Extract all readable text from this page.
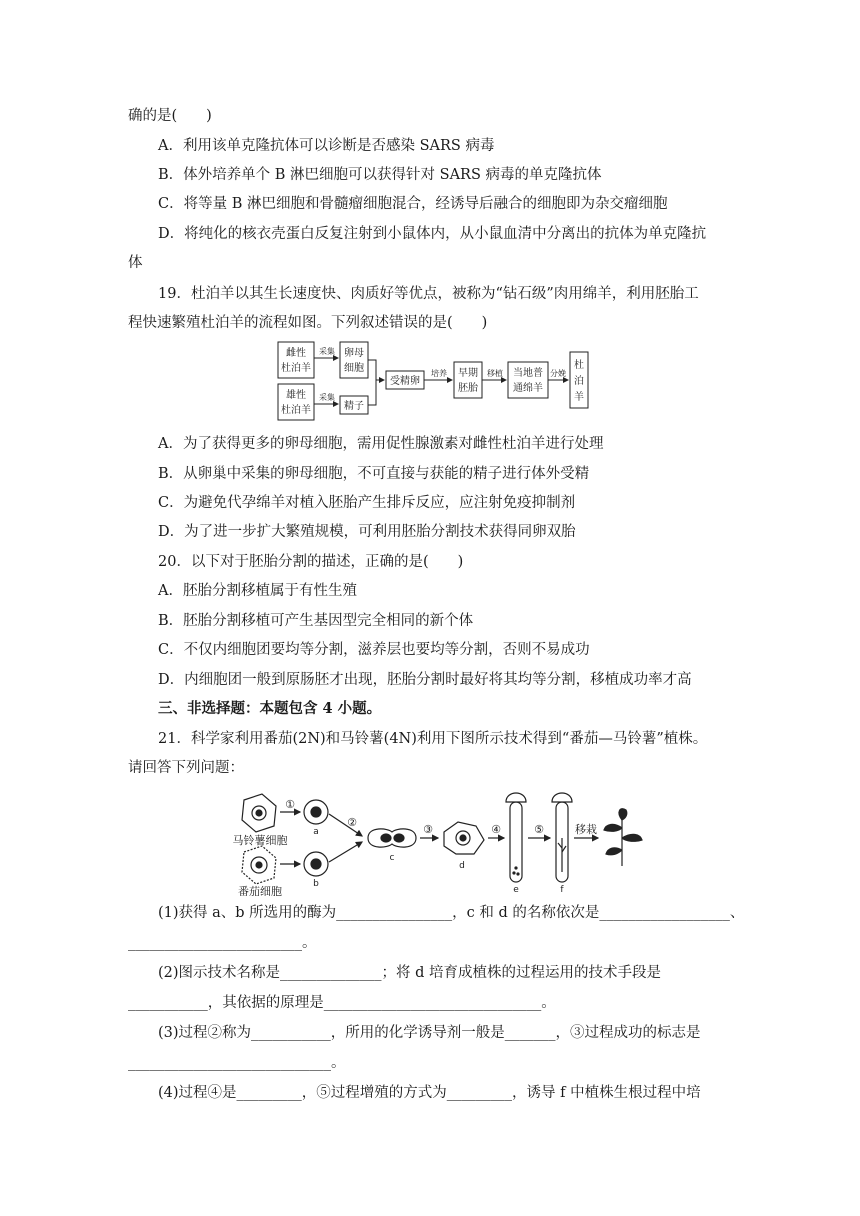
确的是(　　)
A．利用该单克隆抗体可以诊断是否感染 SARS 病毒
B．体外培养单个 B 淋巴细胞可以获得针对 SARS 病毒的单克隆抗体
C．将等量 B 淋巴细胞和骨髓瘤细胞混合，经诱导后融合的细胞即为杂交瘤细胞
D．将纯化的核衣壳蛋白反复注射到小鼠体内，从小鼠血清中分离出的抗体为单克隆抗
体
19．杜泊羊以其生长速度快、肉质好等优点，被称为“钻石级”肉用绵羊，利用胚胎工
程快速繁殖杜泊羊的流程如图。下列叙述错误的是(　　)
雌性
杜泊羊
雄性
杜泊羊
采集
采集
卵母
细胞
精子
受精卵
培养 早期
胚胎
移植 当地普
通绵羊
分娩
杜
泊
羊
A．为了获得更多的卵母细胞，需用促性腺激素对雌性杜泊羊进行处理
B．从卵巢中采集的卵母细胞，不可直接与获能的精子进行体外受精
C．为避免代孕绵羊对植入胚胎产生排斥反应，应注射免疫抑制剂
D．为了进一步扩大繁殖规模，可利用胚胎分割技术获得同卵双胎
20．以下对于胚胎分割的描述，正确的是(　　)
A．胚胎分割移植属于有性生殖
B．胚胎分割移植可产生基因型完全相同的新个体
C．不仅内细胞团要均等分割，滋养层也要均等分割，否则不易成功
D．内细胞团一般到原肠胚才出现，胚胎分割时最好将其均等分割，移植成功率才高
三、非选择题：本题包含 4 小题。
21．科学家利用番茄(2N)和马铃薯(4N)利用下图所示技术得到“番茄—马铃薯”植株。
请回答下列问题：
马铃薯细胞
番茄细胞
①
a
b
②
c
③
d
④
e
⑤
f
移栽
(1)获得 a、b 所选用的酶为________________，c 和 d 的名称依次是__________________、
________________________。
(2)图示技术名称是______________；将 d 培育成植株的过程运用的技术手段是
___________，其依据的原理是______________________________。
(3)过程②称为___________，所用的化学诱导剂一般是_______，③过程成功的标志是
____________________________。
(4)过程④是_________，⑤过程增殖的方式为_________，诱导 f 中植株生根过程中培
